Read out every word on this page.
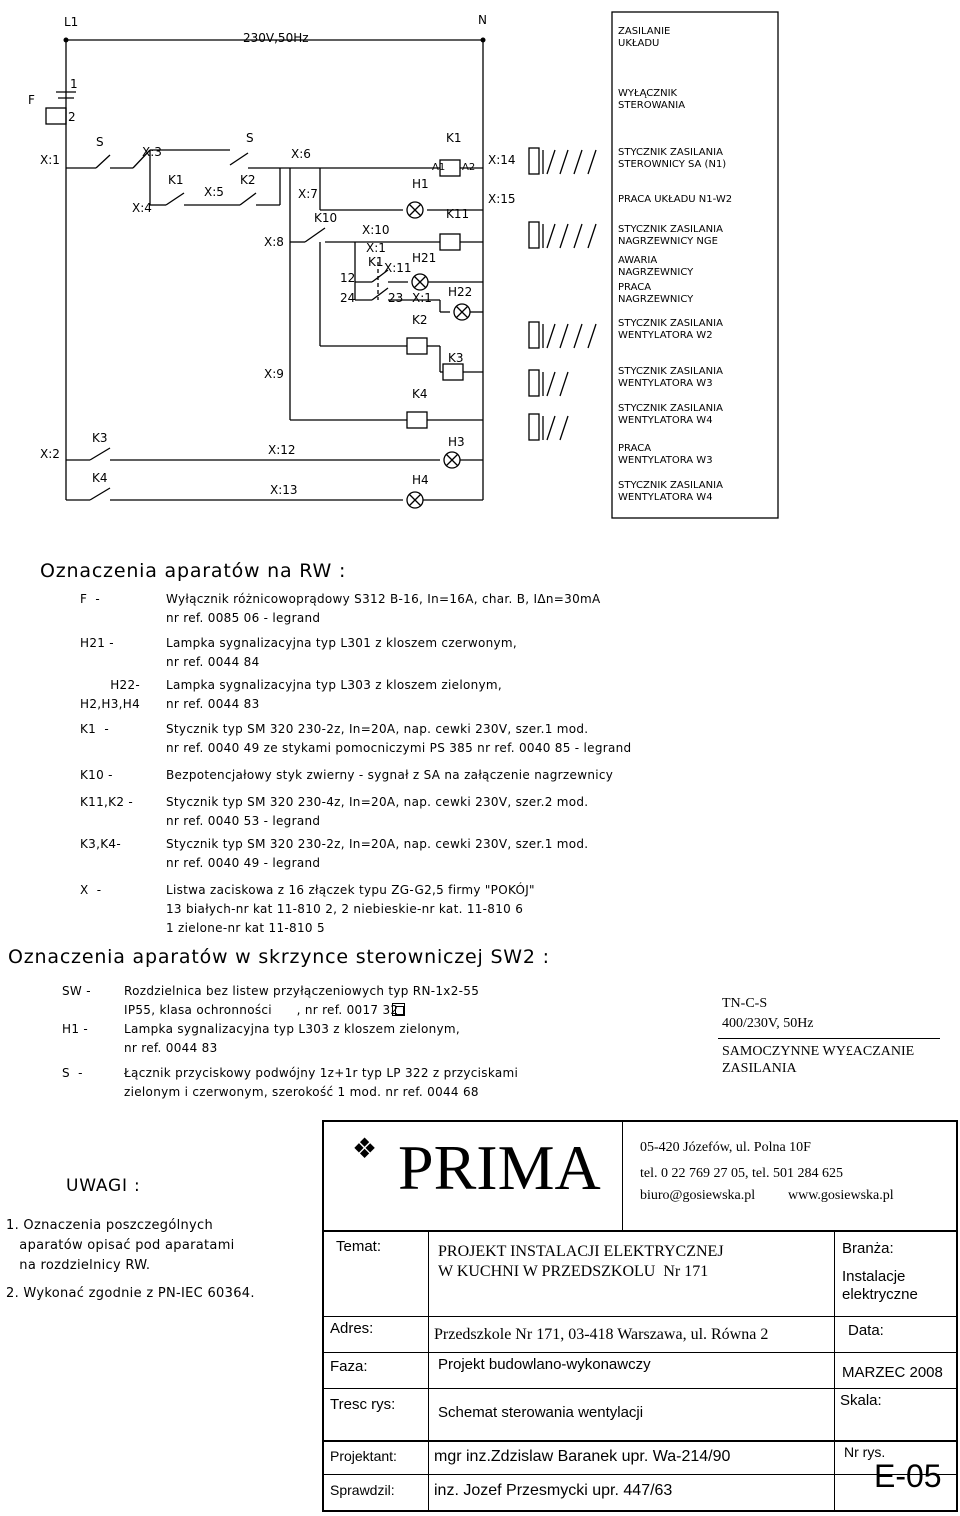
L1	N
230V,50Hz
F
1
2
X:1
S
X:3
S
X:6
K1
A1 A2
X:14
X:15
K1
X:5
K2
X:4
X:7
H1
K11
K10
X:10
X:8	X:1
K1 X:11
H21
12
24	23 X:1 H22
K2
K3
X:9
K4
K3
X:2	X:12
H3
K4
X:13
H4
ZASILANIE
UKŁADU
WYŁĄCZNIK
STEROWANIA
STYCZNIK ZASILANIA
STEROWNICY SA (N1)
PRACA UKŁADU N1-W2
STYCZNIK ZASILANIA
NAGRZEWNICY NGE
AWARIA
NAGRZEWNICY
PRACA
NAGRZEWNICY
STYCZNIK ZASILANIA
WENTYLATORA W2
STYCZNIK ZASILANIA
WENTYLATORA W3
STYCZNIK ZASILANIA
WENTYLATORA W4
PRACA
WENTYLATORA W3
STYCZNIK ZASILANIA
WENTYLATORA W4
Oznaczenia aparatów na RW :
F  -	Wyłącznik różnicowoprądowy S312 B-16, In=16A, char. B, IΔn=30mA
nr ref. 0085 06 - legrand
H21 -	Lampka sygnalizacyjna typ L301 z kloszem czerwonym,
nr ref. 0044 84
H22-
H2,H3,H4
Lampka sygnalizacyjna typ L303 z kloszem zielonym,
nr ref. 0044 83
K1  -	Stycznik typ SM 320 230-2z, In=20A, nap. cewki 230V, szer.1 mod.
nr ref. 0040 49 ze stykami pomocniczymi PS 385 nr ref. 0040 85 - legrand
K10 -	Bezpotencjałowy styk zwierny - sygnał z SA na załączenie nagrzewnicy
K11,K2 -	Stycznik typ SM 320 230-4z, In=20A, nap. cewki 230V, szer.2 mod.
nr ref. 0040 53 - legrand
K3,K4-	Stycznik typ SM 320 230-2z, In=20A, nap. cewki 230V, szer.1 mod.
nr ref. 0040 49 - legrand
X  -	Listwa zaciskowa z 16 złączek typu ZG-G2,5 firmy "POKÓJ"
13 białych-nr kat 11-810 2, 2 niebieskie-nr kat. 11-810 6
1 zielone-nr kat 11-810 5
Oznaczenia aparatów w skrzynce sterowniczej SW2 :
SW -	Rozdzielnica bez listew przyłączeniowych typ RN-1x2-55
IP55, klasa ochronności      , nr ref. 0017 32
H1 -	Lampka sygnalizacyjna typ L303 z kloszem zielonym,
nr ref. 0044 83
S  -	Łącznik przyciskowy podwójny 1z+1r typ LP 322 z przyciskami
zielonym i czerwonym, szerokość 1 mod. nr ref. 0044 68
TN-C-S
400/230V, 50Hz
SAMOCZYNNE WY£ACZANIE
ZASILANIA
UWAGI :
1. Oznaczenia poszczególnych
aparatów opisać pod aparatami
na rozdzielnicy RW.
2. Wykonać zgodnie z PN-IEC 60364.
❖ PRIMA	05-420 Józefów, ul. Polna 10F
tel. 0 22 769 27 05, tel. 501 284 625
biuro@gosiewska.pl www.gosiewska.pl
Temat:	PROJEKT INSTALACJI ELEKTRYCZNEJ
W KUCHNI W PRZEDSZKOLU  Nr 171
Branża:
Instalacje
elektryczne
Adres:	Przedszkole Nr 171, 03-418 Warszawa, ul. Równa 2	Data:
Faza:	Projekt budowlano-wykonawczy	MARZEC 2008
Tresc rys:	Schemat sterowania wentylacji
Skala:
Projektant: mgr inz.Zdzislaw Baranek upr. Wa-214/90	Nr rys.
E-05
Sprawdzil: inz. Jozef Przesmycki upr. 447/63
